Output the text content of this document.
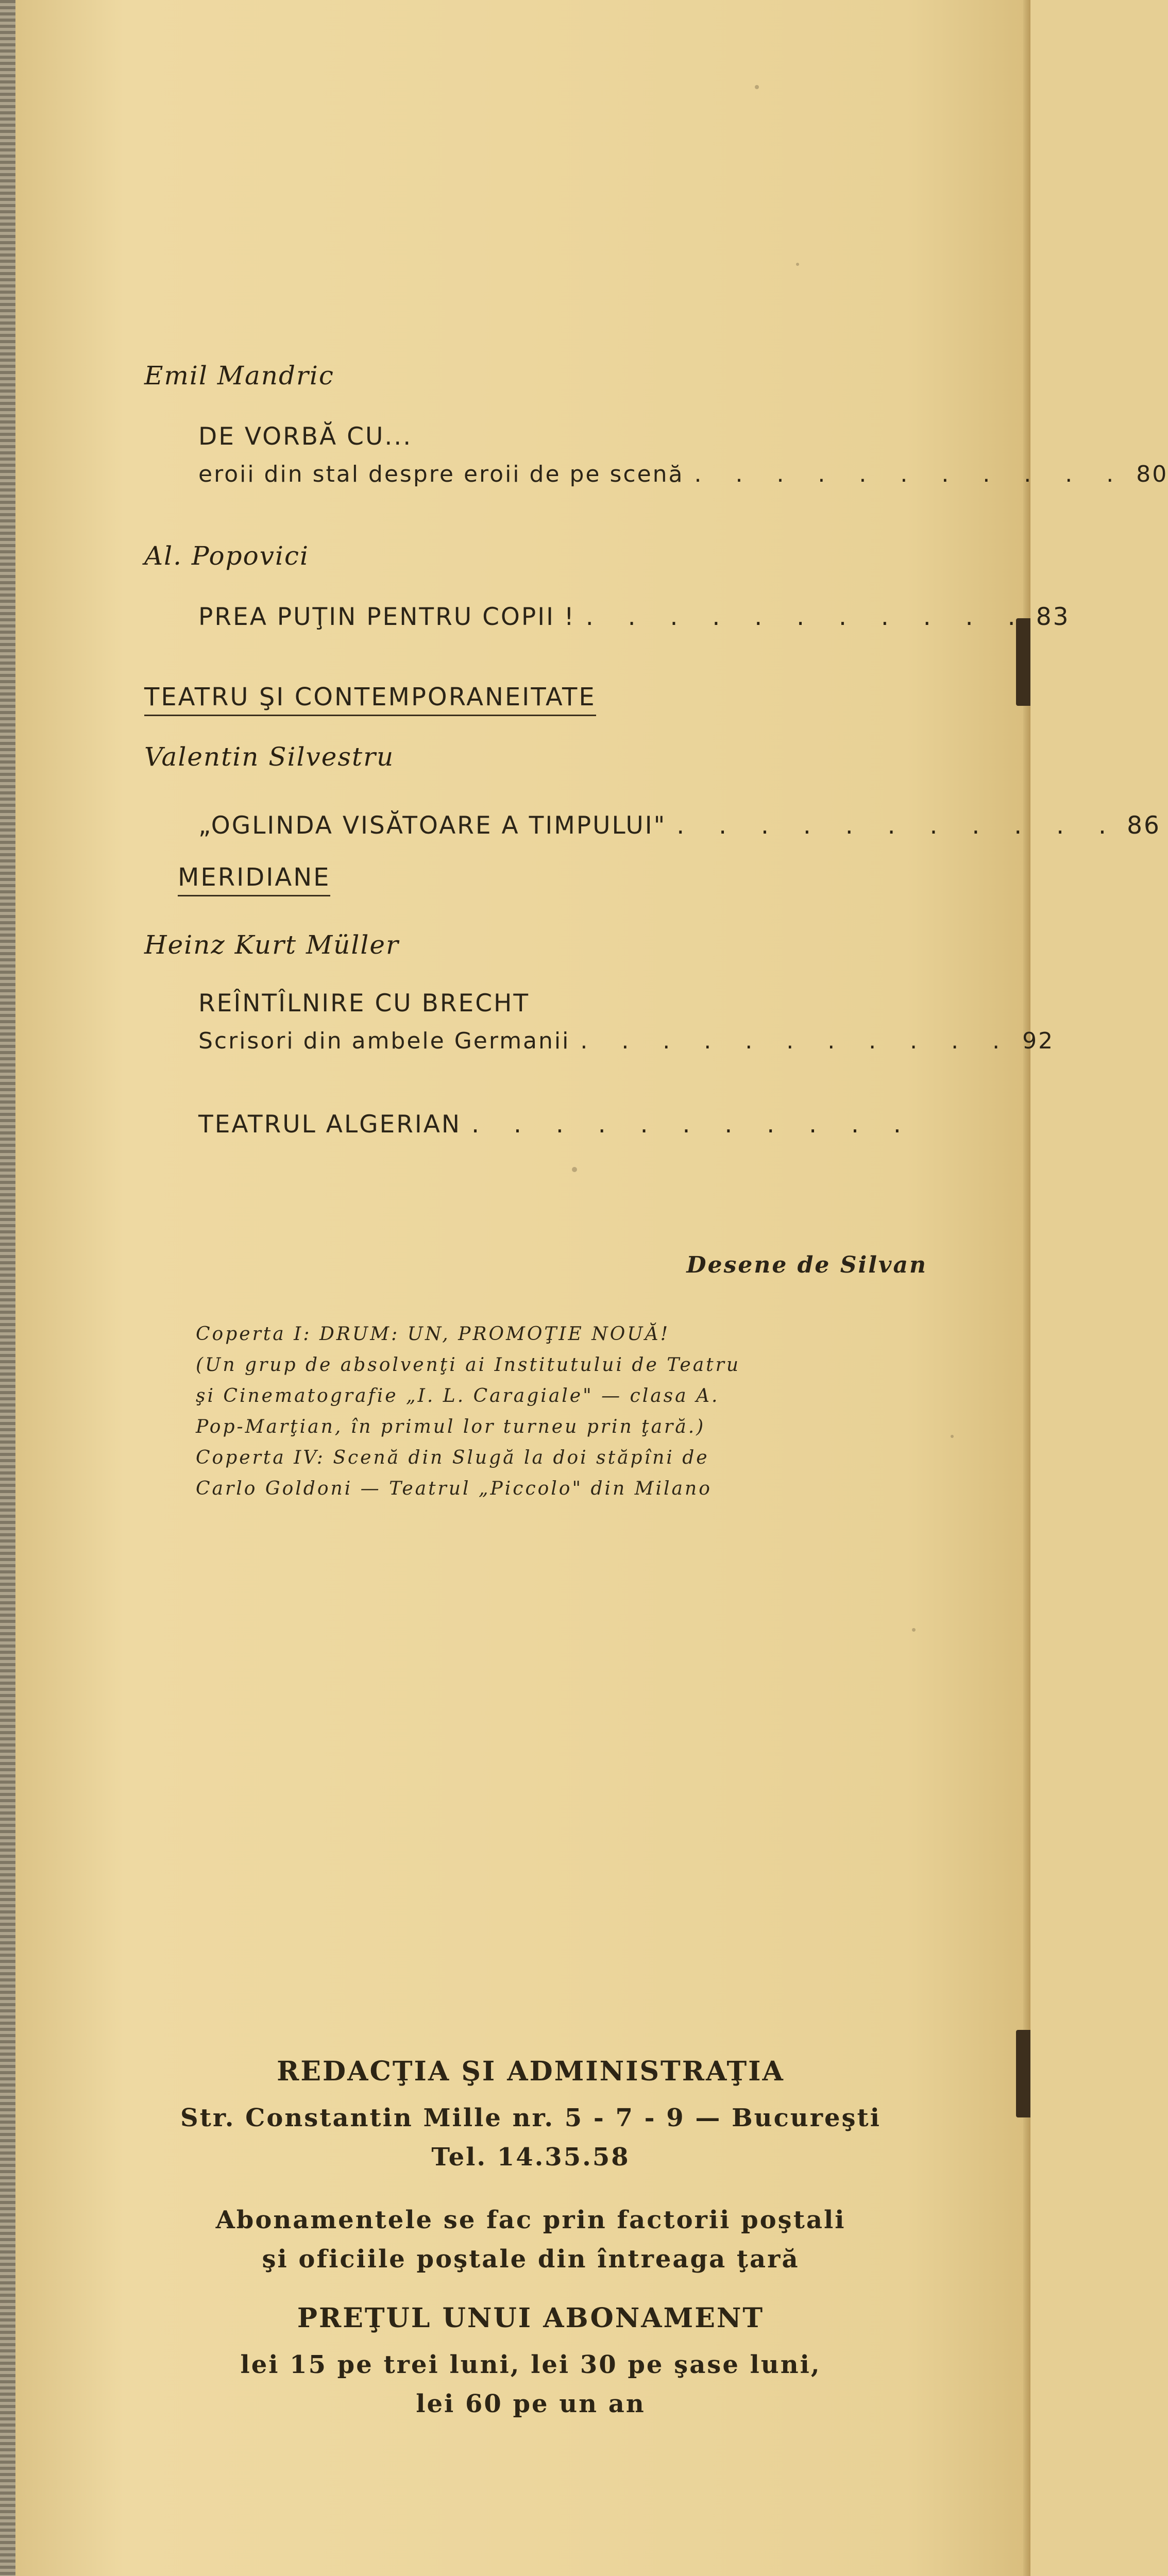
Emil Mandric
DE VORBĂ CU...
eroii din stal despre eroii de pe scenă . . . . . . . . . . . 80
Al. Popovici
PREA PUŢIN PENTRU COPII ! . . . . . . . . . . . 83
TEATRU ŞI CONTEMPORANEITATE
Valentin Silvestru
„OGLINDA VISĂTOARE A TIMPULUI" . . . . . . . . . . . 86
MERIDIANE
Heinz Kurt Müller
REÎNTÎLNIRE CU BRECHT
Scrisori din ambele Germanii . . . . . . . . . . . 92
TEATRUL ALGERIAN . . . . . . . . . . .
Desene de Silvan
Coperta I: DRUM: UN, PROMOŢIE NOUĂ!
(Un grup de absolvenţi ai Institutului de Teatru
şi Cinematografie „I. L. Caragiale" — clasa A.
Pop-Marţian, în primul lor turneu prin ţară.)
Coperta IV: Scenă din Slugă la doi stăpîni de
Carlo Goldoni — Teatrul „Piccolo" din Milano
REDACŢIA ŞI ADMINISTRAŢIA
Str. Constantin Mille nr. 5 - 7 - 9 — Bucureşti
Tel. 14.35.58
Abonamentele se fac prin factorii poştali
şi oficiile poştale din întreaga ţară
PREŢUL UNUI ABONAMENT
lei 15 pe trei luni, lei 30 pe şase luni,
lei 60 pe un an
